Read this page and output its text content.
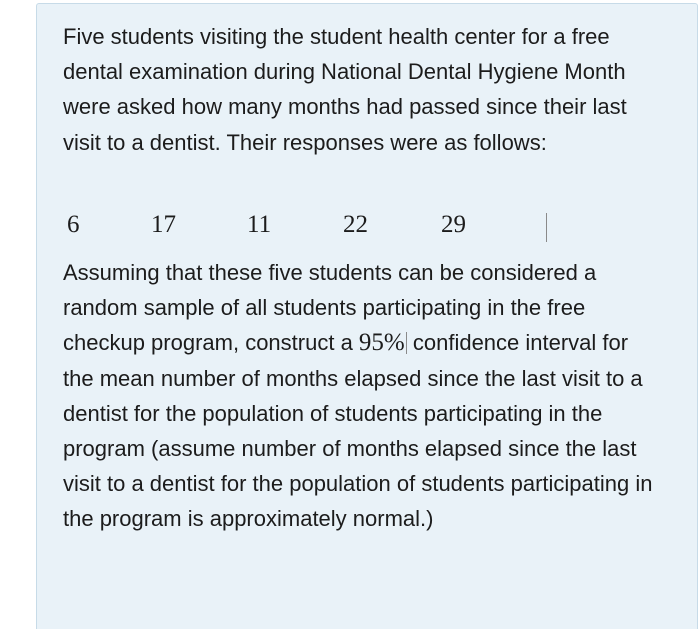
Five students visiting the student health center for a free dental examination during National Dental Hygiene Month were asked how many months had passed since their last visit to a dentist. Their responses were as follows:

6	17	11	22	29

Assuming that these five students can be considered a random sample of all students participating in the free checkup program, construct a 95% confidence interval for the mean number of months elapsed since the last visit to a dentist for the population of students participating in the program (assume number of months elapsed since the last visit to a dentist for the population of students participating in the program is approximately normal.)
